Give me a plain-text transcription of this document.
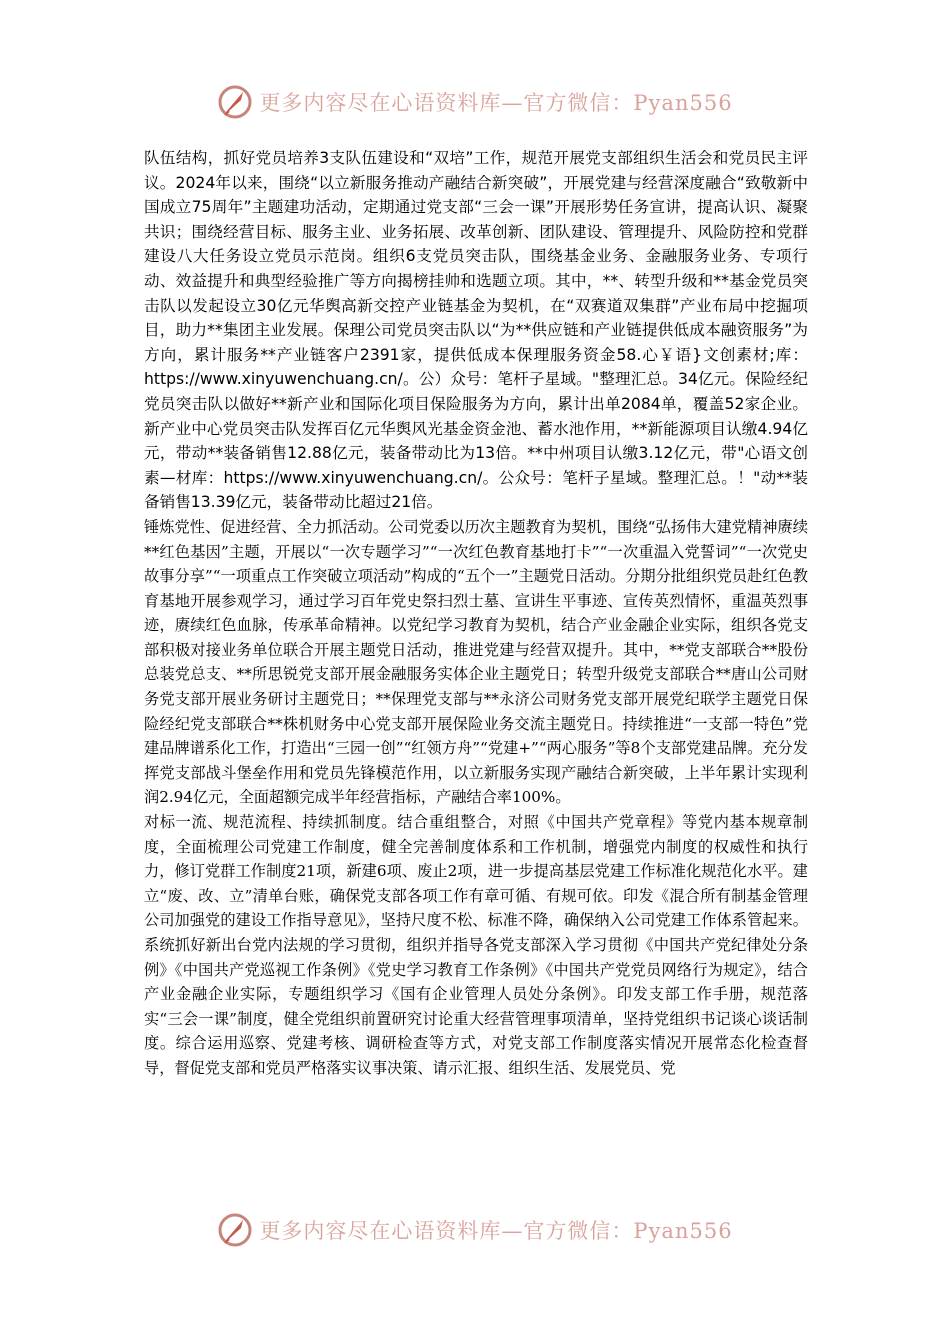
更多内容尽在心语资料库—官方微信：Pyan556

队伍结构，抓好党员培养3支队伍建设和“双培”工作，规范开展党支部组织生活会和党员民主评议。2024年以来，围绕“以立新服务推动产融结合新突破”，开展党建与经营深度融合“致敬新中国成立75周年”主题建功活动，定期通过党支部“三会一课”开展形势任务宣讲，提高认识、凝聚共识；围绕经营目标、服务主业、业务拓展、改革创新、团队建设、管理提升、风险防控和党群建设八大任务设立党员示范岗。组织6支党员突击队，围绕基金业务、金融服务业务、专项行动、效益提升和典型经验推广等方向揭榜挂帅和选题立项。其中，**、转型升级和**基金党员突击队以发起设立30亿元华舆高新交控产业链基金为契机，在“双赛道双集群”产业布局中挖掘项目，助力**集团主业发展。保理公司党员突击队以“为**供应链和产业链提供低成本融资服务”为方向，累计服务**产业链客户2391家，提供低成本保理服务资金58.心￥语}文创素材;库：https://www.xinyuwenchuang.cn/。公）众号：笔杆子星域。"整理汇总。34亿元。保险经纪党员突击队以做好**新产业和国际化项目保险服务为方向，累计出单2084单，覆盖52家企业。新产业中心党员突击队发挥百亿元华舆风光基金资金池、蓄水池作用，**新能源项目认缴4.94亿元，带动**装备销售12.88亿元，装备带动比为13倍。**中州项目认缴3.12亿元，带"心语文创素—材库：https://www.xinyuwenchuang.cn/。公众号：笔杆子星域。整理汇总。！"动**装备销售13.39亿元，装备带动比超过21倍。

锤炼党性、促进经营、全力抓活动。公司党委以历次主题教育为契机，围绕“弘扬伟大建党精神赓续**红色基因”主题，开展以“一次专题学习”“一次红色教育基地打卡”“一次重温入党誓词”“一次党史故事分享”“一项重点工作突破立项活动”构成的“五个一”主题党日活动。分期分批组织党员赴红色教育基地开展参观学习，通过学习百年党史祭扫烈士墓、宣讲生平事迹、宣传英烈情怀，重温英烈事迹，赓续红色血脉，传承革命精神。以党纪学习教育为契机，结合产业金融企业实际，组织各党支部积极对接业务单位联合开展主题党日活动，推进党建与经营双提升。其中，**党支部联合**股份总装党总支、**所思锐党支部开展金融服务实体企业主题党日；转型升级党支部联合**唐山公司财务党支部开展业务研讨主题党日；**保理党支部与**永济公司财务党支部开展党纪联学主题党日保险经纪党支部联合**株机财务中心党支部开展保险业务交流主题党日。持续推进“一支部一特色”党建品牌谱系化工作，打造出“三园一创”“红领方舟”“党建+”“两心服务”等8个支部党建品牌。充分发挥党支部战斗堡垒作用和党员先锋模范作用，以立新服务实现产融结合新突破，上半年累计实现利润2.94亿元，全面超额完成半年经营指标，产融结合率100%。

对标一流、规范流程、持续抓制度。结合重组整合，对照《中国共产党章程》等党内基本规章制度，全面梳理公司党建工作制度，健全完善制度体系和工作机制，增强党内制度的权威性和执行力，修订党群工作制度21项，新建6项、废止2项，进一步提高基层党建工作标准化规范化水平。建立“废、改、立”清单台账，确保党支部各项工作有章可循、有规可依。印发《混合所有制基金管理公司加强党的建设工作指导意见》，坚持尺度不松、标准不降，确保纳入公司党建工作体系管起来。系统抓好新出台党内法规的学习贯彻，组织并指导各党支部深入学习贯彻《中国共产党纪律处分条例》《中国共产党巡视工作条例》《党史学习教育工作条例》《中国共产党党员网络行为规定》，结合产业金融企业实际，专题组织学习《国有企业管理人员处分条例》。印发支部工作手册，规范落实“三会一课”制度，健全党组织前置研究讨论重大经营管理事项清单，坚持党组织书记谈心谈话制度。综合运用巡察、党建考核、调研检查等方式，对党支部工作制度落实情况开展常态化检查督导，督促党支部和党员严格落实议事决策、请示汇报、组织生活、发展党员、党

更多内容尽在心语资料库—官方微信：Pyan556
